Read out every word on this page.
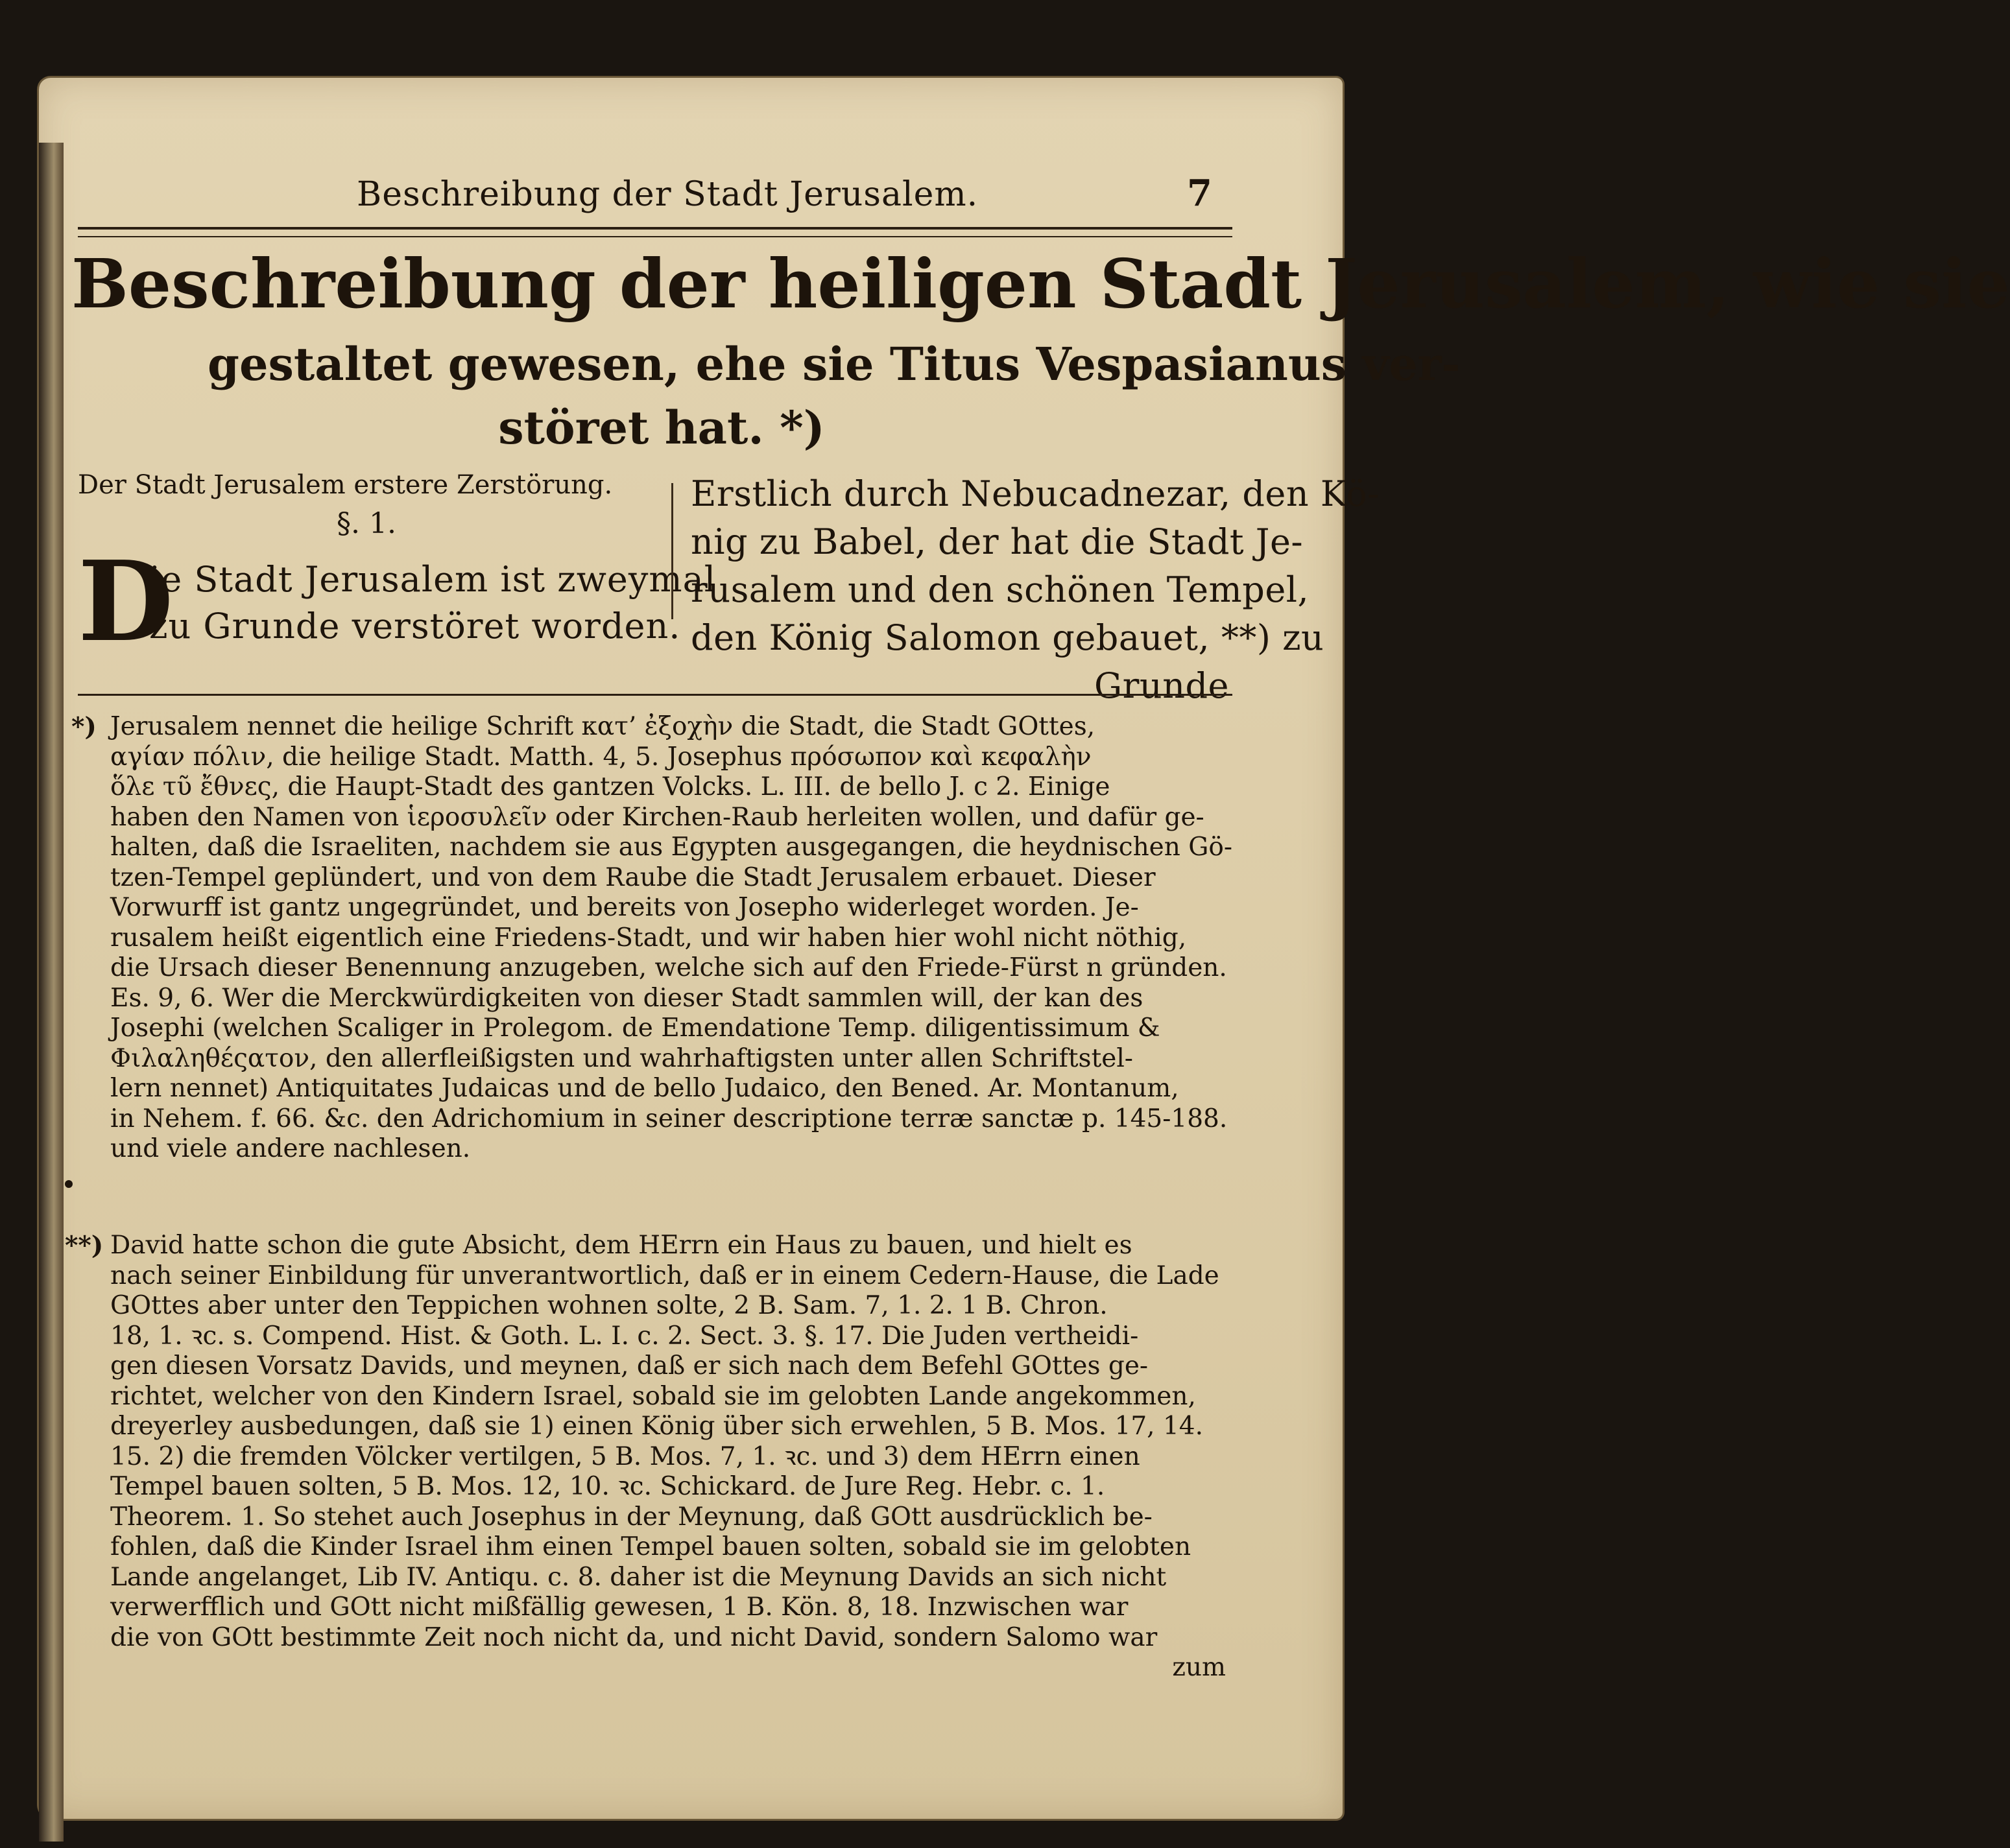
Beschreibung der Stadt Jerusalem.	7
Beschreibung der heiligen Stadt Jerusalem, wie sie
gestaltet gewesen, ehe sie Titus Vespasianus ver-
störet hat. *)
Der Stadt Jerusalem erstere Zerstörung.
§. 1.
D
ie Stadt Jerusalem ist zweymal
zu Grunde verstöret worden.
Erstlich durch Nebucadnezar, den Kö-
nig zu Babel, der hat die Stadt Je-
rusalem und den schönen Tempel,
den König Salomon gebauet, **) zu
Grunde
*) Jerusalem nennet die heilige Schrift κατ’ ἐξοχὴν die Stadt, die Stadt GOttes,
αγίαν πόλιν, die heilige Stadt. Matth. 4, 5. Josephus πρόσωπον καὶ κεφαλὴν
ὅλε τῦ ἔθνες, die Haupt-Stadt des gantzen Volcks. L. III. de bello J. c 2. Einige
haben den Namen von ἱεροσυλεῖν oder Kirchen-Raub herleiten wollen, und dafür ge-
halten, daß die Israeliten, nachdem sie aus Egypten ausgegangen, die heydnischen Gö-
tzen-Tempel geplündert, und von dem Raube die Stadt Jerusalem erbauet. Dieser
Vorwurff ist gantz ungegründet, und bereits von Josepho widerleget worden. Je-
rusalem heißt eigentlich eine Friedens-Stadt, und wir haben hier wohl nicht nöthig,
die Ursach dieser Benennung anzugeben, welche sich auf den Friede-Fürst n gründen.
Es. 9, 6. Wer die Merckwürdigkeiten von dieser Stadt sammlen will, der kan des
Josephi (welchen Scaliger in Prolegom. de Emendatione Temp. diligentissimum &
Φιλαληθέςατον, den allerfleißigsten und wahrhaftigsten unter allen Schriftstel-
lern nennet) Antiquitates Judaicas und de bello Judaico, den Bened. Ar. Montanum,
in Nehem. f. 66. &c. den Adrichomium in seiner descriptione terræ sanctæ p. 145-188.
und viele andere nachlesen.
**) David hatte schon die gute Absicht, dem HErrn ein Haus zu bauen, und hielt es
nach seiner Einbildung für unverantwortlich, daß er in einem Cedern-Hause, die Lade
GOttes aber unter den Teppichen wohnen solte, 2 B. Sam. 7, 1. 2. 1 B. Chron.
18, 1. ꝛc. s. Compend. Hist. & Goth. L. I. c. 2. Sect. 3. §. 17. Die Juden vertheidi-
gen diesen Vorsatz Davids, und meynen, daß er sich nach dem Befehl GOttes ge-
richtet, welcher von den Kindern Israel, sobald sie im gelobten Lande angekommen,
dreyerley ausbedungen, daß sie 1) einen König über sich erwehlen, 5 B. Mos. 17, 14.
15. 2) die fremden Völcker vertilgen, 5 B. Mos. 7, 1. ꝛc. und 3) dem HErrn einen
Tempel bauen solten, 5 B. Mos. 12, 10. ꝛc. Schickard. de Jure Reg. Hebr. c. 1.
Theorem. 1. So stehet auch Josephus in der Meynung, daß GOtt ausdrücklich be-
fohlen, daß die Kinder Israel ihm einen Tempel bauen solten, sobald sie im gelobten
Lande angelanget, Lib IV. Antiqu. c. 8. daher ist die Meynung Davids an sich nicht
verwerfflich und GOtt nicht mißfällig gewesen, 1 B. Kön. 8, 18. Inzwischen war
die von GOtt bestimmte Zeit noch nicht da, und nicht David, sondern Salomo war
zum
